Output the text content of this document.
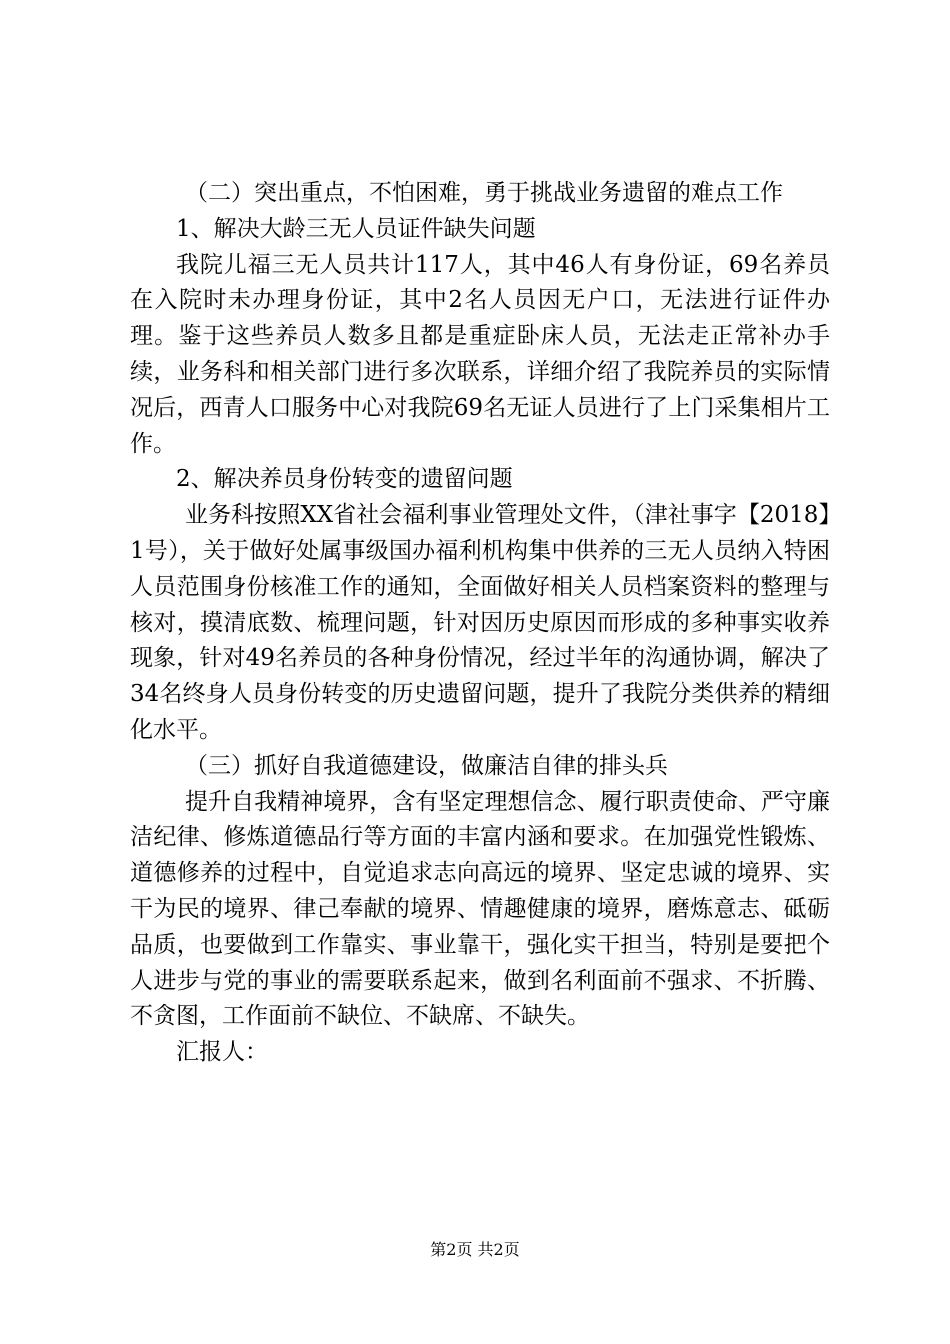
（二）突出重点，不怕困难，勇于挑战业务遗留的难点工作

1、解决大龄三无人员证件缺失问题

我院儿福三无人员共计117人，其中46人有身份证，69名养员在入院时未办理身份证，其中2名人员因无户口，无法进行证件办理。鉴于这些养员人数多且都是重症卧床人员，无法走正常补办手续，业务科和相关部门进行多次联系，详细介绍了我院养员的实际情况后，西青人口服务中心对我院69名无证人员进行了上门采集相片工作。

2、解决养员身份转变的遗留问题

业务科按照XX省社会福利事业管理处文件，（津社事字【2018】1号），关于做好处属事级国办福利机构集中供养的三无人员纳入特困人员范围身份核准工作的通知，全面做好相关人员档案资料的整理与核对，摸清底数、梳理问题，针对因历史原因而形成的多种事实收养现象，针对49名养员的各种身份情况，经过半年的沟通协调，解决了34名终身人员身份转变的历史遗留问题，提升了我院分类供养的精细化水平。

（三）抓好自我道德建设，做廉洁自律的排头兵

提升自我精神境界，含有坚定理想信念、履行职责使命、严守廉洁纪律、修炼道德品行等方面的丰富内涵和要求。在加强党性锻炼、道德修养的过程中，自觉追求志向高远的境界、坚定忠诚的境界、实干为民的境界、律己奉献的境界、情趣健康的境界，磨炼意志、砥砺品质，也要做到工作靠实、事业靠干，强化实干担当，特别是要把个人进步与党的事业的需要联系起来，做到名利面前不强求、不折腾、不贪图，工作面前不缺位、不缺席、不缺失。

汇报人：

第2页 共2页
